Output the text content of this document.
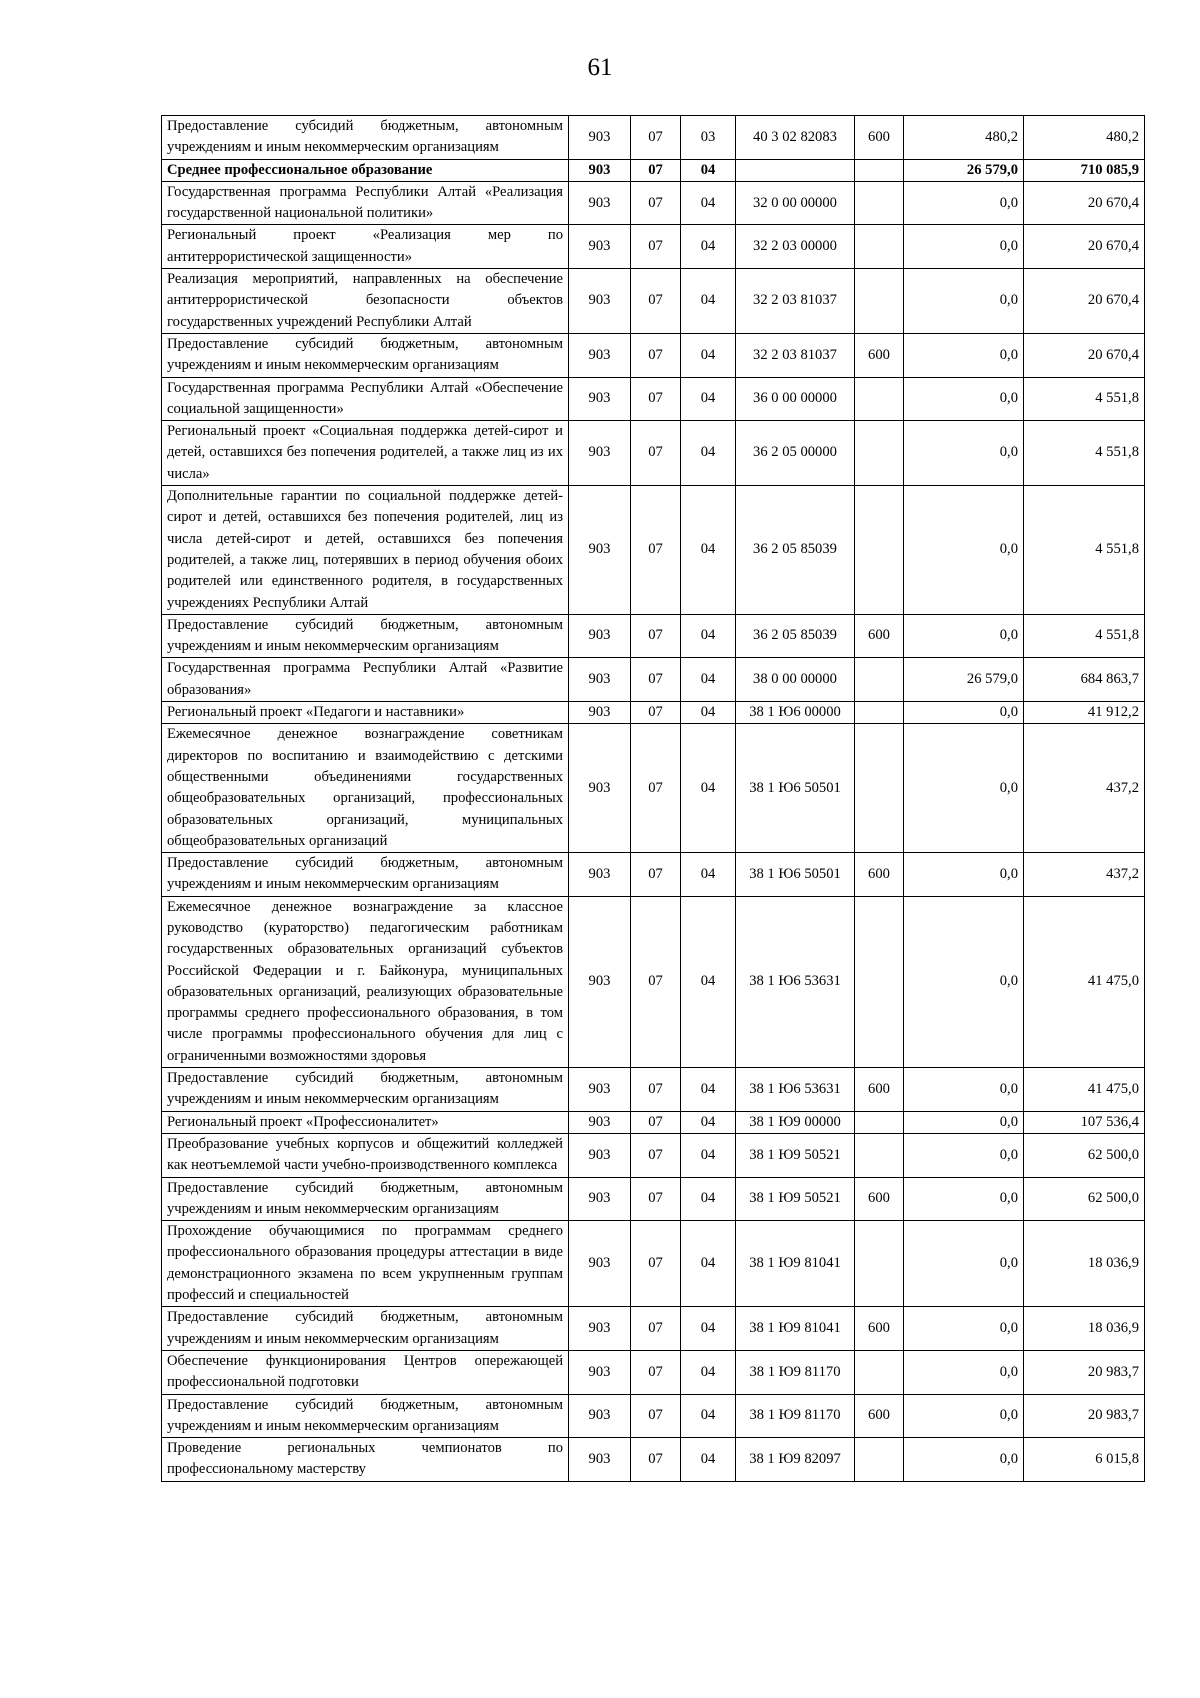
61
Предоставление субсидий бюджетным, автономным учреждениям и иным некоммерческим организациям	903	07	03	40 3 02 82083	600	480,2	480,2
Среднее профессиональное образование	903	07	04			26 579,0	710 085,9
Государственная программа Республики Алтай «Реализация государственной национальной политики»	903	07	04	32 0 00 00000		0,0	20 670,4
Региональный проект «Реализация мер по антитеррористической защищенности»	903	07	04	32 2 03 00000		0,0	20 670,4
Реализация мероприятий, направленных на обеспечение антитеррористической безопасности объектов государственных учреждений Республики Алтай	903	07	04	32 2 03 81037		0,0	20 670,4
Предоставление субсидий бюджетным, автономным учреждениям и иным некоммерческим организациям	903	07	04	32 2 03 81037	600	0,0	20 670,4
Государственная программа Республики Алтай «Обеспечение социальной защищенности»	903	07	04	36 0 00 00000		0,0	4 551,8
Региональный проект «Социальная поддержка детей-сирот и детей, оставшихся без попечения родителей, а также лиц из их числа»	903	07	04	36 2 05 00000		0,0	4 551,8
Дополнительные гарантии по социальной поддержке детей-сирот и детей, оставшихся без попечения родителей, лиц из числа детей-сирот и детей, оставшихся без попечения родителей, а также лиц, потерявших в период обучения обоих родителей или единственного родителя, в государственных учреждениях Республики Алтай	903	07	04	36 2 05 85039		0,0	4 551,8
Предоставление субсидий бюджетным, автономным учреждениям и иным некоммерческим организациям	903	07	04	36 2 05 85039	600	0,0	4 551,8
Государственная программа Республики Алтай «Развитие образования»	903	07	04	38 0 00 00000		26 579,0	684 863,7
Региональный проект «Педагоги и наставники»	903	07	04	38 1 Ю6 00000		0,0	41 912,2
Ежемесячное денежное вознаграждение советникам директоров по воспитанию и взаимодействию с детскими общественными объединениями государственных общеобразовательных организаций, профессиональных образовательных организаций, муниципальных общеобразовательных организаций	903	07	04	38 1 Ю6 50501		0,0	437,2
Предоставление субсидий бюджетным, автономным учреждениям и иным некоммерческим организациям	903	07	04	38 1 Ю6 50501	600	0,0	437,2
Ежемесячное денежное вознаграждение за классное руководство (кураторство) педагогическим работникам государственных образовательных организаций субъектов Российской Федерации и г. Байконура, муниципальных образовательных организаций, реализующих образовательные программы среднего профессионального образования, в том числе программы профессионального обучения для лиц с ограниченными возможностями здоровья	903	07	04	38 1 Ю6 53631		0,0	41 475,0
Предоставление субсидий бюджетным, автономным учреждениям и иным некоммерческим организациям	903	07	04	38 1 Ю6 53631	600	0,0	41 475,0
Региональный проект «Профессионалитет»	903	07	04	38 1 Ю9 00000		0,0	107 536,4
Преобразование учебных корпусов и общежитий колледжей как неотъемлемой части учебно-производственного комплекса	903	07	04	38 1 Ю9 50521		0,0	62 500,0
Предоставление субсидий бюджетным, автономным учреждениям и иным некоммерческим организациям	903	07	04	38 1 Ю9 50521	600	0,0	62 500,0
Прохождение обучающимися по программам среднего профессионального образования процедуры аттестации в виде демонстрационного экзамена по всем укрупненным группам профессий и специальностей	903	07	04	38 1 Ю9 81041		0,0	18 036,9
Предоставление субсидий бюджетным, автономным учреждениям и иным некоммерческим организациям	903	07	04	38 1 Ю9 81041	600	0,0	18 036,9
Обеспечение функционирования Центров опережающей профессиональной подготовки	903	07	04	38 1 Ю9 81170		0,0	20 983,7
Предоставление субсидий бюджетным, автономным учреждениям и иным некоммерческим организациям	903	07	04	38 1 Ю9 81170	600	0,0	20 983,7
Проведение региональных чемпионатов по профессиональному мастерству	903	07	04	38 1 Ю9 82097		0,0	6 015,8
